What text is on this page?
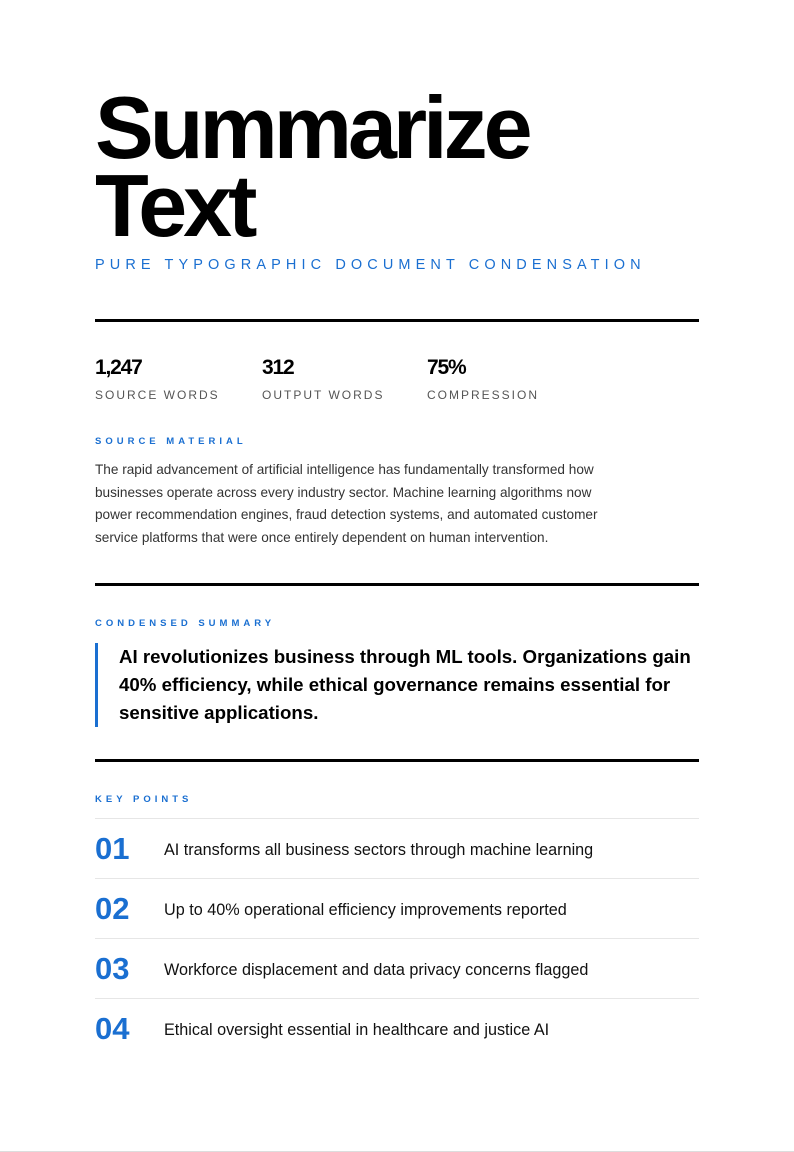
Summarize
Text
PURE TYPOGRAPHIC DOCUMENT CONDENSATION
1,247
SOURCE WORDS
312
OUTPUT WORDS
75%
COMPRESSION
SOURCE MATERIAL

The rapid advancement of artificial intelligence has fundamentally transformed how businesses operate across every industry sector. Machine learning algorithms now power recommendation engines, fraud detection systems, and automated customer service platforms that were once entirely dependent on human intervention.

CONDENSED SUMMARY

AI revolutionizes business through ML tools. Organizations gain 40% efficiency, while ethical governance remains essential for sensitive applications.

KEY POINTS
01 AI transforms all business sectors through machine learning
02 Up to 40% operational efficiency improvements reported
03 Workforce displacement and data privacy concerns flagged
04 Ethical oversight essential in healthcare and justice AI
